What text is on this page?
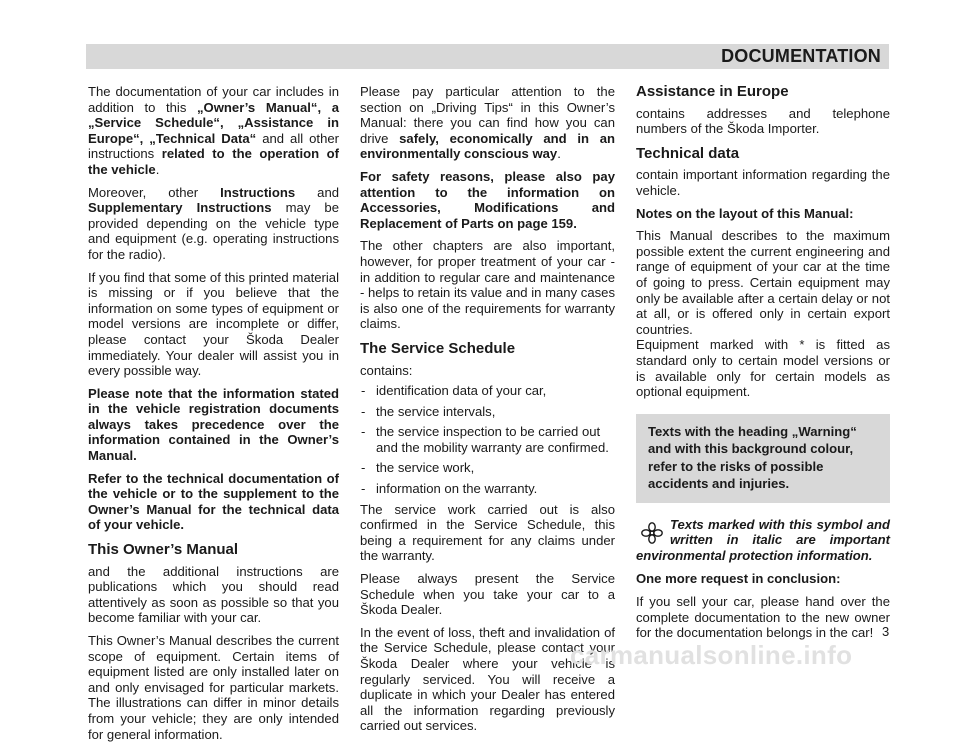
DOCUMENTATION

The documentation of your car includes in addition to this „Owner’s Manual“, a „Service Schedule“, „Assistance in Europe“, „Technical Data“ and all other instructions related to the operation of the vehicle.

Moreover, other Instructions and Supplementary Instructions may be provided depending on the vehicle type and equipment (e.g. operating instructions for the radio).

If you find that some of this printed material is missing or if you believe that the information on some types of equipment or model versions are incomplete or differ, please contact your Škoda Dealer immediately. Your dealer will assist you in every possible way.

Please note that the information stated in the vehicle registration documents always takes precedence over the information contained in the Owner’s Manual.

Refer to the technical documentation of the vehicle or to the supplement to the Owner’s Manual for the technical data of your vehicle.

This Owner’s Manual

and the additional instructions are publications which you should read attentively as soon as possible so that you become familiar with your car.

This Owner’s Manual describes the current scope of equipment. Certain items of equipment listed are only installed later on and only envisaged for particular markets. The illustrations can differ in minor details from your vehicle; they are only intended for general information.

Please pay particular attention to the section on „Driving Tips“ in this Owner’s Manual: there you can find how you can drive safely, economically and in an environmentally conscious way.

For safety reasons, please also pay attention to the information on Accessories, Modifications and Replacement of Parts on page 159.

The other chapters are also important, however, for proper treatment of your car - in addition to regular care and maintenance - helps to retain its value and in many cases is also one of the requirements for warranty claims.

The Service Schedule

contains:

- identification data of your car,
- the service intervals,
- the service inspection to be carried out and the mobility warranty are confirmed.
- the service work,
- information on the warranty.

The service work carried out is also confirmed in the Service Schedule, this being a requirement for any claims under the warranty.

Please always present the Service Schedule when you take your car to a Škoda Dealer.

In the event of loss, theft and invalidation of the Service Schedule, please contact your Škoda Dealer where your vehicle is regularly serviced. You will receive a duplicate in which your Dealer has entered all the information regarding previously carried out services.

Assistance in Europe

contains addresses and telephone numbers of the Škoda Importer.

Technical data

contain important information regarding the vehicle.

Notes on the layout of this Manual:

This Manual describes to the maximum possible extent the current engineering and range of equipment of your car at the time of going to press. Certain equipment may only be available after a certain delay or not at all, or is offered only in certain export countries.

Equipment marked with * is fitted as standard only to certain model versions or is available only for certain models as optional equipment.

Texts with the heading „Warning“ and with this background colour, refer to the risks of possible accidents and injuries.
Texts marked with this symbol and written in italic are important environmental protection information.

One more request in conclusion:

If you sell your car, please hand over the complete documentation to the new owner for the documentation belongs in the car! 3
carmanualsonline.info
